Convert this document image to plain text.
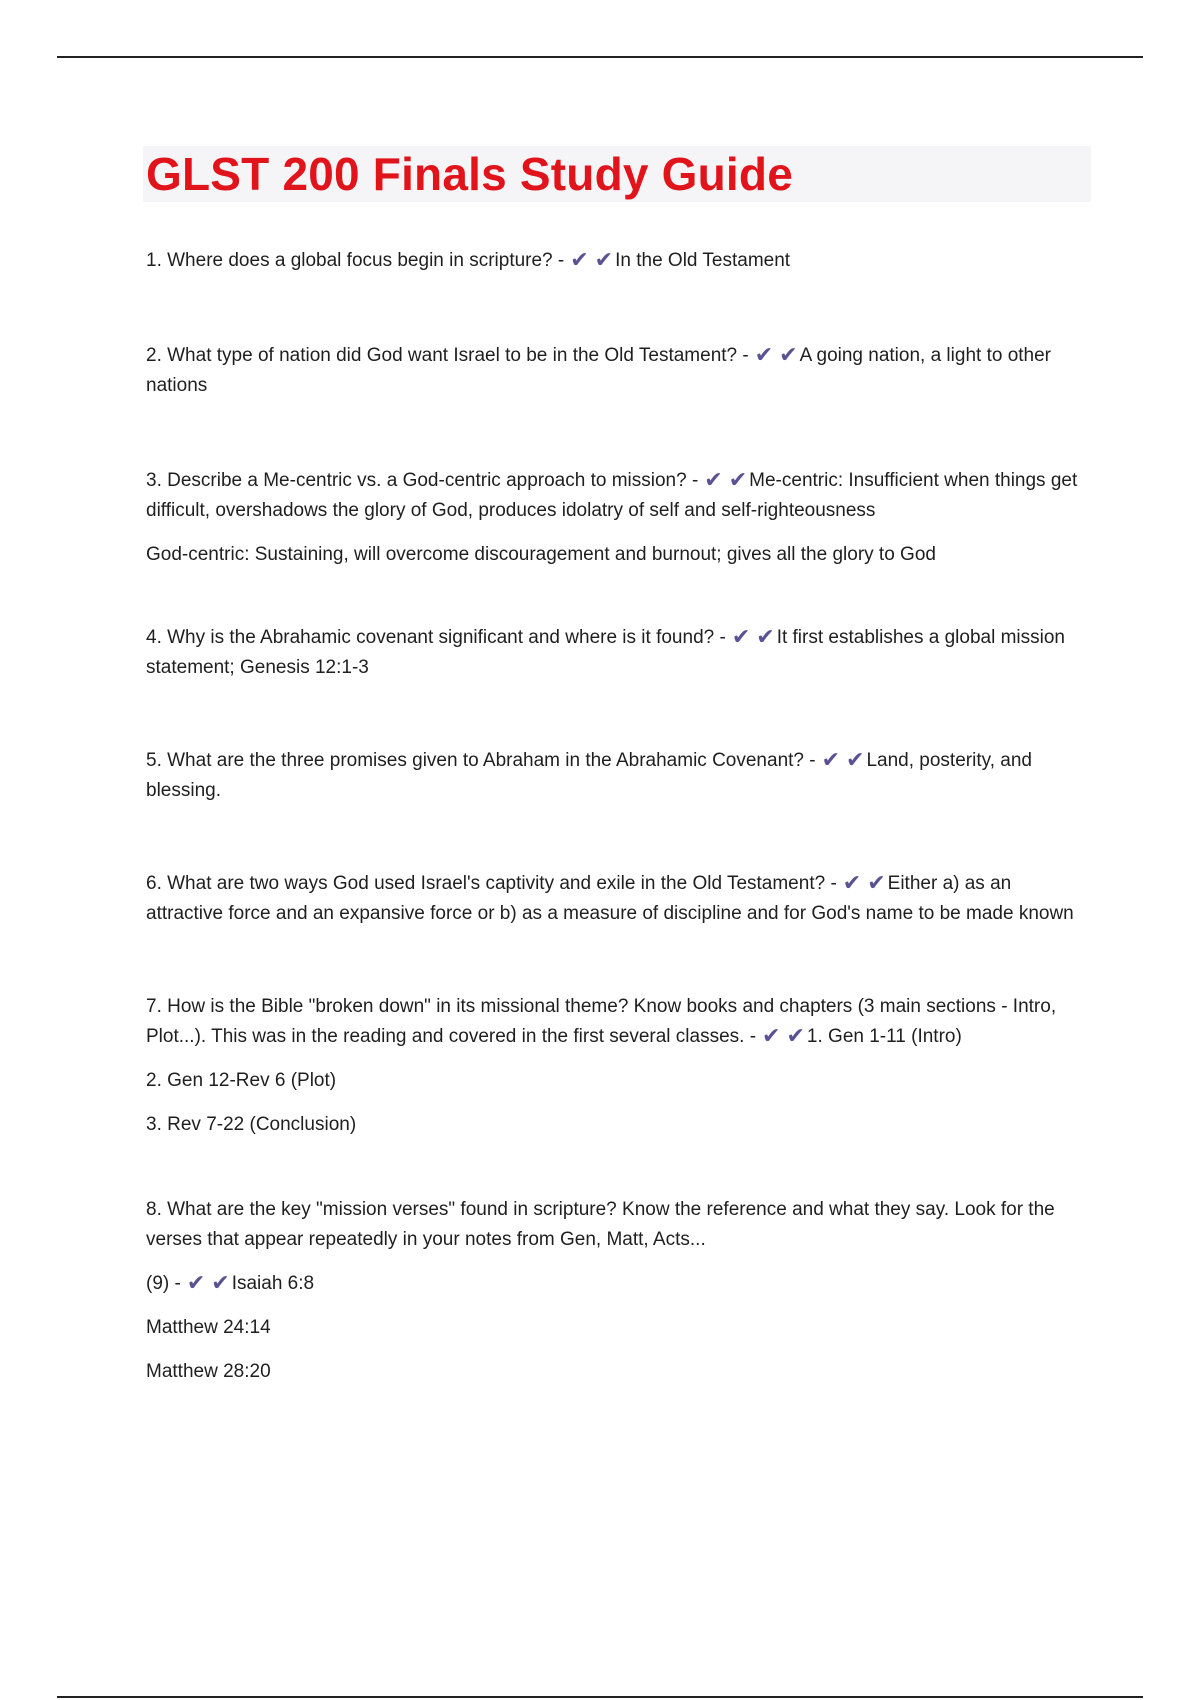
GLST 200 Finals Study Guide

1. Where does a global focus begin in scripture? - ✔ ✔ In the Old Testament

2. What type of nation did God want Israel to be in the Old Testament? - ✔ ✔ A going nation, a light to other nations

3. Describe a Me-centric vs. a God-centric approach to mission? - ✔ ✔ Me-centric: Insufficient when things get difficult, overshadows the glory of God, produces idolatry of self and self-righteousness

God-centric: Sustaining, will overcome discouragement and burnout; gives all the glory to God

4. Why is the Abrahamic covenant significant and where is it found? - ✔ ✔ It first establishes a global mission statement; Genesis 12:1-3

5. What are the three promises given to Abraham in the Abrahamic Covenant? - ✔ ✔ Land, posterity, and blessing.

6. What are two ways God used Israel's captivity and exile in the Old Testament? - ✔ ✔ Either a) as an attractive force and an expansive force or b) as a measure of discipline and for God's name to be made known

7. How is the Bible "broken down" in its missional theme? Know books and chapters (3 main sections - Intro, Plot...). This was in the reading and covered in the first several classes. - ✔ ✔ 1. Gen 1-11 (Intro)

2. Gen 12-Rev 6 (Plot)

3. Rev 7-22 (Conclusion)

8. What are the key "mission verses" found in scripture? Know the reference and what they say. Look for the verses that appear repeatedly in your notes from Gen, Matt, Acts...

(9) - ✔ ✔ Isaiah 6:8

Matthew 24:14

Matthew 28:20
